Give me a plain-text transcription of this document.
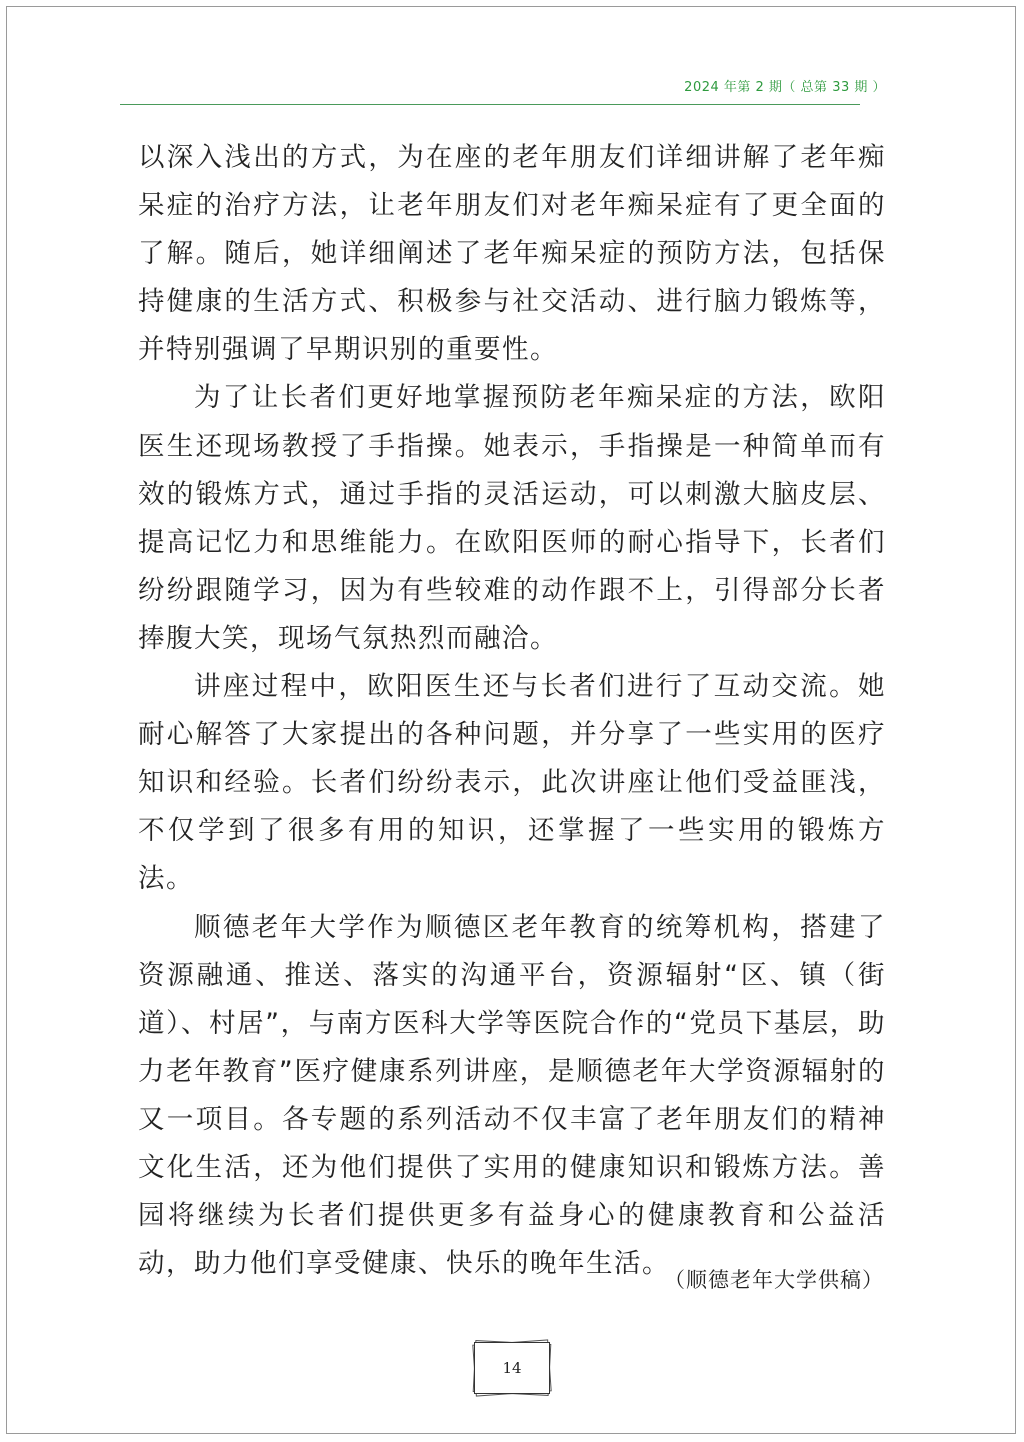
2024 年第 2 期（ 总第 33 期 ）

以深入浅出的方式，为在座的老年朋友们详细讲解了老年痴呆症的治疗方法，让老年朋友们对老年痴呆症有了更全面的了解。随后，她详细阐述了老年痴呆症的预防方法，包括保持健康的生活方式、积极参与社交活动、进行脑力锻炼等，并特别强调了早期识别的重要性。

为了让长者们更好地掌握预防老年痴呆症的方法，欧阳医生还现场教授了手指操。她表示，手指操是一种简单而有效的锻炼方式，通过手指的灵活运动，可以刺激大脑皮层、提高记忆力和思维能力。在欧阳医师的耐心指导下，长者们纷纷跟随学习，因为有些较难的动作跟不上，引得部分长者捧腹大笑，现场气氛热烈而融洽。

讲座过程中，欧阳医生还与长者们进行了互动交流。她耐心解答了大家提出的各种问题，并分享了一些实用的医疗知识和经验。长者们纷纷表示，此次讲座让他们受益匪浅，不仅学到了很多有用的知识，还掌握了一些实用的锻炼方法。

顺德老年大学作为顺德区老年教育的统筹机构，搭建了资源融通、推送、落实的沟通平台，资源辐射“区、镇（街道）、村居”，与南方医科大学等医院合作的“党员下基层，助力老年教育”医疗健康系列讲座，是顺德老年大学资源辐射的又一项目。各专题的系列活动不仅丰富了老年朋友们的精神文化生活，还为他们提供了实用的健康知识和锻炼方法。善园将继续为长者们提供更多有益身心的健康教育和公益活动，助力他们享受健康、快乐的晚年生活。

（顺德老年大学供稿）
14
